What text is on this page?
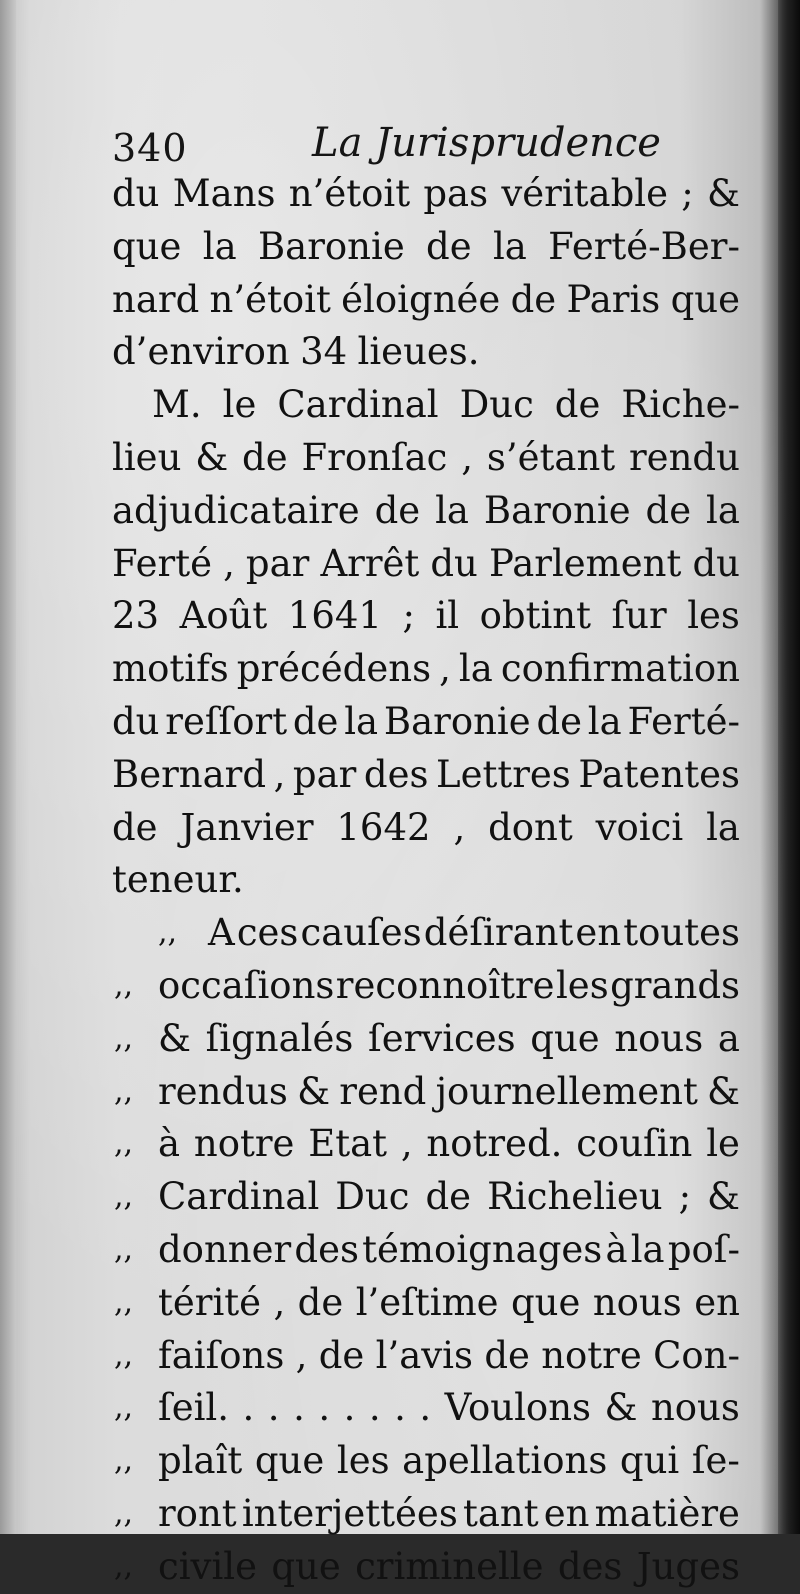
340	La Jurisprudence
du Mans n’étoit pas véritable ; &
que la Baronie de la Ferté-Ber-
nard n’étoit éloignée de Paris que
d’environ 34 lieues.
M. le Cardinal Duc de Riche-
lieu & de Fronſac , s’étant rendu
adjudicataire de la Baronie de la
Ferté , par Arrêt du Parlement du
23 Août 1641 ; il obtint ſur les
motifs précédens , la confirmation
du reſſort de la Baronie de la Ferté-
Bernard , par des Lettres Patentes
de Janvier 1642 , dont voici la
teneur.
,, A ces cauſes déſirant en toutes
,, occaſions reconnoître les grands
,, & ſignalés ſervices que nous a
,, rendus & rend journellement &
,, à notre Etat , notred. couſin le
,, Cardinal Duc de Richelieu ; &
,, donner des témoignages à la poſ-
,, térité , de l’eſtime que nous en
,, faiſons , de l’avis de notre Con-
,, ſeil. . . . . . . . . Voulons & nous
,, plaît que les apellations qui ſe-
,, ront interjettées tant en matière
,, civile que criminelle des Juges
